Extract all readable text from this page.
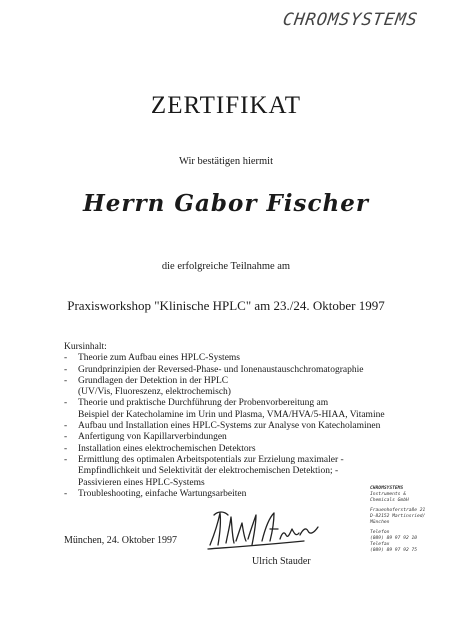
CHROMSYSTEMS
ZERTIFIKAT
Wir bestätigen hiermit
Herrn Gabor Fischer
die erfolgreiche Teilnahme am
Praxisworkshop "Klinische HPLC" am 23./24. Oktober 1997
Kursinhalt:
- Theorie zum Aufbau eines HPLC-Systems
- Grundprinzipien der Reversed-Phase- und Ionenaustauschchromatographie
- Grundlagen der Detektion in der HPLC
(UV/Vis, Fluoreszenz, elektrochemisch)
- Theorie und praktische Durchführung der Probenvorbereitung am
Beispiel der Katecholamine im Urin und Plasma, VMA/HVA/5-HIAA, Vitamine
- Aufbau und Installation eines HPLC-Systems zur Analyse von Katecholaminen
- Anfertigung von Kapillarverbindungen
- Installation eines elektrochemischen Detektors
- Ermittlung des optimalen Arbeitspotentials zur Erzielung maximaler -
Empfindlichkeit und Selektivität der elektrochemischen Detektion; -
Passivieren eines HPLC-Systems
- Troubleshooting, einfache Wartungsarbeiten
CHROMSYSTEMS
Instruments &
Chemicals GmbH
Frauenhoferstraße 21
D-82152 Martinsried/
München
Telefon
(089) 89 97 92 10
Telefax
(089) 89 97 92 75
München, 24. Oktober 1997
Ulrich Stauder
